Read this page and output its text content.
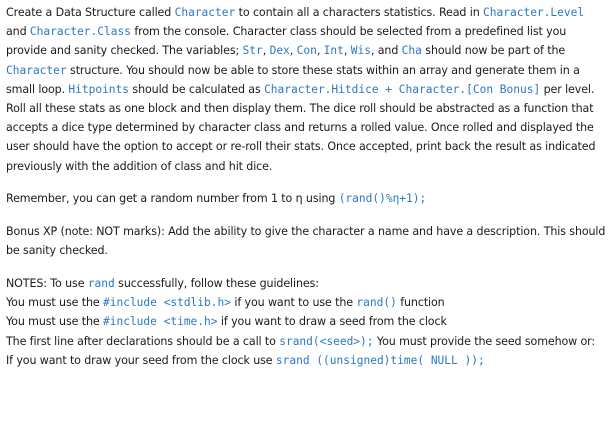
Create a Data Structure called Character to contain all a characters statistics. Read in Character.Level and Character.Class from the console. Character class should be selected from a predefined list you provide and sanity checked. The variables; Str, Dex, Con, Int, Wis, and Cha should now be part of the Character structure. You should now be able to store these stats within an array and generate them in a small loop. Hitpoints should be calculated as Character.Hitdice + Character.[Con Bonus] per level. Roll all these stats as one block and then display them. The dice roll should be abstracted as a function that accepts a dice type determined by character class and returns a rolled value. Once rolled and displayed the user should have the option to accept or re-roll their stats. Once accepted, print back the result as indicated previously with the addition of class and hit dice.

Remember, you can get a random number from 1 to η using (rand()%η+1);

Bonus XP (note: NOT marks): Add the ability to give the character a name and have a description. This should be sanity checked.

NOTES: To use rand successfully, follow these guidelines:
You must use the #include <stdlib.h> if you want to use the rand() function
You must use the #include <time.h> if you want to draw a seed from the clock
The first line after declarations should be a call to srand(<seed>); You must provide the seed somehow or:
If you want to draw your seed from the clock use srand ((unsigned)time( NULL ));
